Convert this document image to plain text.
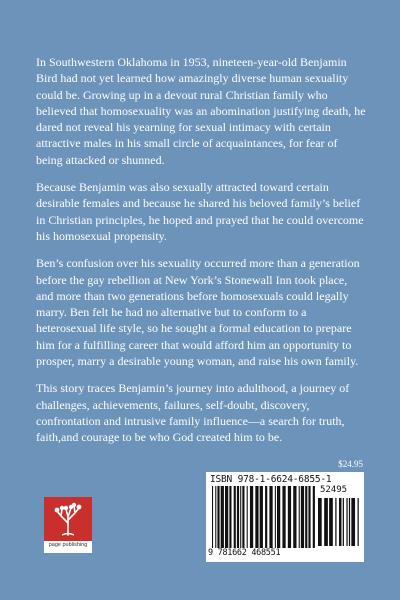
In Southwestern Oklahoma in 1953, nineteen-year-old Benjamin Bird had not yet learned how amazingly diverse human sexuality could be. Growing up in a devout rural Christian family who believed that homosexuality was an abomination justifying death, he dared not reveal his yearning for sexual intimacy with certain attractive males in his small circle of acquaintances, for fear of being attacked or shunned.

Because Benjamin was also sexually attracted toward certain desirable females and because he shared his beloved family’s belief in Christian principles, he hoped and prayed that he could overcome his homosexual propensity.

Ben’s confusion over his sexuality occurred more than a generation before the gay rebellion at New York’s Stonewall Inn took place, and more than two generations before homosexuals could legally marry. Ben felt he had no alternative but to conform to a heterosexual life style, so he sought a formal education to prepare him for a fulfilling career that would afford him an opportunity to prosper, marry a desirable young woman, and raise his own family.

This story traces Benjamin’s journey into adulthood, a journey of challenges, achievements, failures, self-doubt, discovery, confrontation and intrusive family influence—a search for truth, faith,and courage to be who God created him to be.

$24.95
page publishing
ISBN 978-1-6624-6855-1
52495
9 781662 468551
